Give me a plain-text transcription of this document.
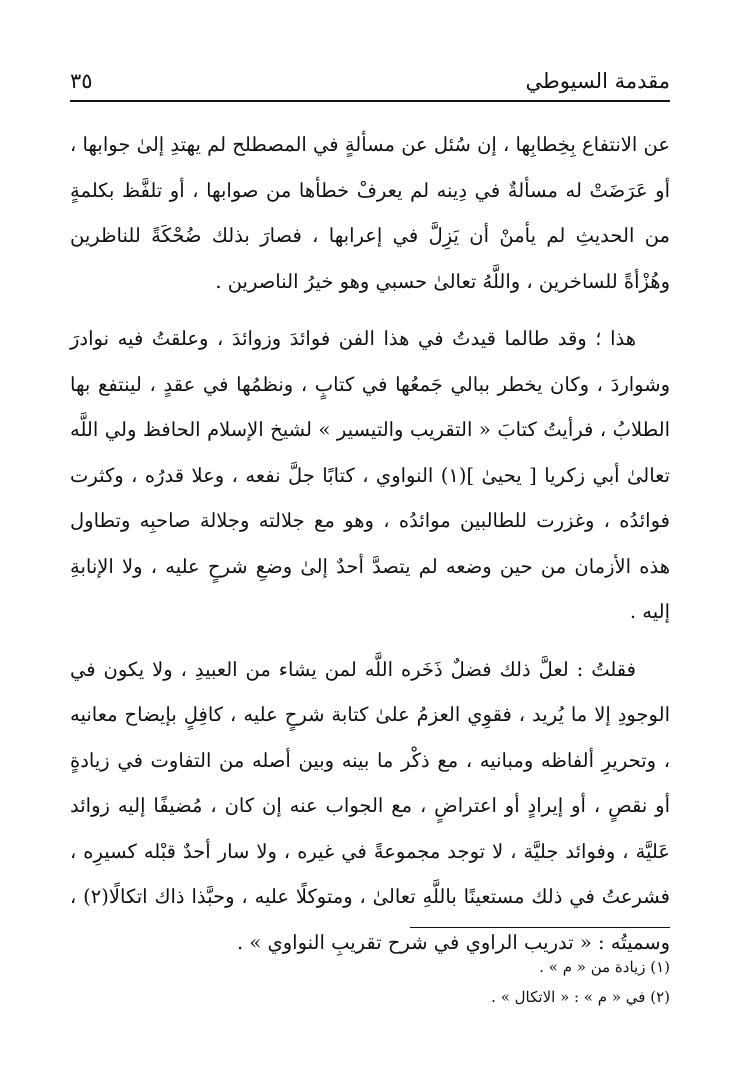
مقدمة السيوطي
٣٥

عن الانتفاع بِخِطابِها ، إن سُئل عن مسألةٍ في المصطلح لم يهتدِ إلىٰ جوابها ، أو عَرَضَتْ له مسألةٌ في دِينه لم يعرفْ خطأها من صوابها ، أو تلفَّظ بكلمةٍ من الحديثِ لم يأمنْ أن يَزِلَّ في إعرابها ، فصارَ بذلك ضُحْكَةً للناظرين وهُزْأةً للساخرين ، واللَّهُ تعالىٰ حسبي وهو خيرُ الناصرين .

هذا ؛ وقد طالما قيدتُ في هذا الفن فوائدَ وزوائدَ ، وعلقتُ فيه نوادرَ وشواردَ ، وكان يخطر ببالي جَمعُها في كتابٍ ، ونظمُها في عقدٍ ، لينتفع بها الطلابُ ، فرأيتُ كتابَ « التقريب والتيسير » لشيخ الإسلام الحافظ ولي اللَّه تعالىٰ أبي زكريا [ يحيىٰ ](١) النواوي ، كتابًا جلَّ نفعه ، وعلا قدرُه ، وكثرت فوائدُه ، وغزرت للطالبين موائدُه ، وهو مع جلالته وجلالة صاحبِه وتطاول هذه الأزمان من حين وضعه لم يتصدَّ أحدٌ إلىٰ وضعِ شرحٍ عليه ، ولا الإنابةِ إليه .

فقلتُ : لعلَّ ذلك فضلٌ ذَخَره اللَّه لمن يشاء من العبيدِ ، ولا يكون في الوجودِ إلا ما يُريد ، فقوِي العزمُ علىٰ كتابة شرحٍ عليه ، كافِلٍ بإيضاح معانيه ، وتحريرِ ألفاظه ومبانيه ، مع ذكْر ما بينه وبين أصله من التفاوت في زيادةٍ أو نقصٍ ، أو إيرادٍ أو اعتراضٍ ، مع الجواب عنه إن كان ، مُضيفًا إليه زوائد عَليَّة ، وفوائد جليَّة ، لا توجد مجموعةً في غيره ، ولا سار أحدٌ قبْله كسيرِه ، فشرعتُ في ذلك مستعينًا باللَّهِ تعالىٰ ، ومتوكلًا عليه ، وحبَّذا ذاك اتكالًا(٢) ، وسميتُه : « تدريب الراوي في شرح تقريبِ النواوي » .

(١) زيادة من « م » .

(٢) في « م » : « الاتكال » .
